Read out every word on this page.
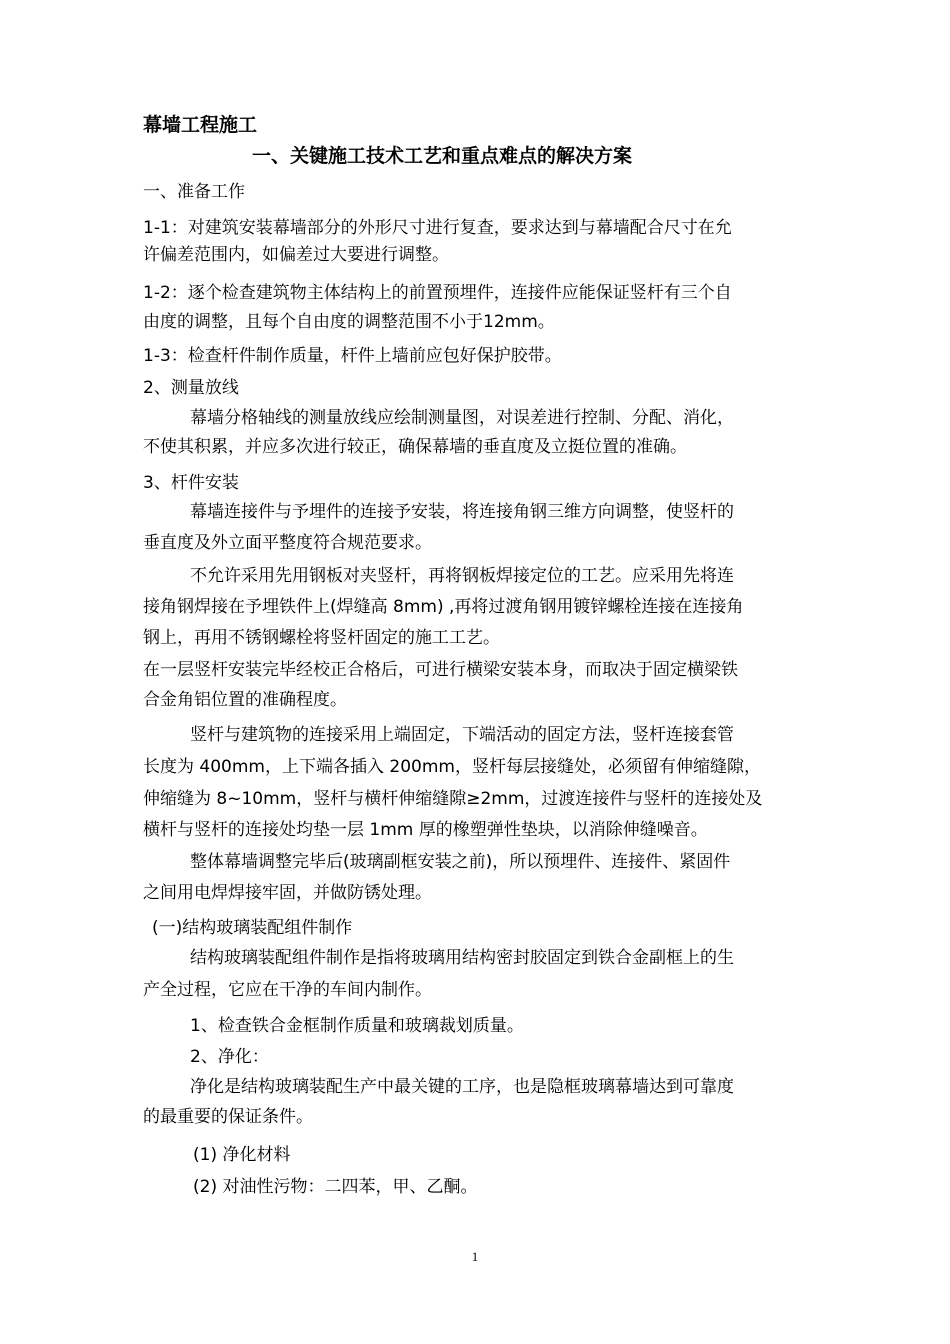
幕墙工程施工

一、关键施工技术工艺和重点难点的解决方案

一、准备工作

1-1：对建筑安装幕墙部分的外形尺寸进行复查，要求达到与幕墙配合尺寸在允

许偏差范围内，如偏差过大要进行调整。

1-2：逐个检查建筑物主体结构上的前置预埋件，连接件应能保证竖杆有三个自

由度的调整，且每个自由度的调整范围不小于12mm。

1-3：检查杆件制作质量，杆件上墙前应包好保护胶带。

2、测量放线

幕墙分格轴线的测量放线应绘制测量图，对误差进行控制、分配、消化，

不使其积累，并应多次进行较正，确保幕墙的垂直度及立挺位置的准确。

3、杆件安装

幕墙连接件与予埋件的连接予安装，将连接角钢三维方向调整，使竖杆的

垂直度及外立面平整度符合规范要求。

不允许采用先用钢板对夹竖杆，再将钢板焊接定位的工艺。应采用先将连

接角钢焊接在予埋铁件上(焊缝高 8mm) ,再将过渡角钢用镀锌螺栓连接在连接角

钢上，再用不锈钢螺栓将竖杆固定的施工工艺。

在一层竖杆安装完毕经校正合格后，可进行横梁安装本身，而取决于固定横梁铁

合金角铝位置的准确程度。

竖杆与建筑物的连接采用上端固定，下端活动的固定方法，竖杆连接套管

长度为 400mm，上下端各插入 200mm，竖杆每层接缝处，必须留有伸缩缝隙，

伸缩缝为 8~10mm，竖杆与横杆伸缩缝隙≥2mm，过渡连接件与竖杆的连接处及

横杆与竖杆的连接处均垫一层 1mm 厚的橡塑弹性垫块，以消除伸缝噪音。

整体幕墙调整完毕后(玻璃副框安装之前)，所以预埋件、连接件、紧固件

之间用电焊焊接牢固，并做防锈处理。

(一)结构玻璃装配组件制作

结构玻璃装配组件制作是指将玻璃用结构密封胶固定到铁合金副框上的生

产全过程，它应在干净的车间内制作。

1、检查铁合金框制作质量和玻璃裁划质量。

2、净化：

净化是结构玻璃装配生产中最关键的工序，也是隐框玻璃幕墙达到可靠度

的最重要的保证条件。

(1) 净化材料

(2) 对油性污物：二四苯，甲、乙酮。

1
